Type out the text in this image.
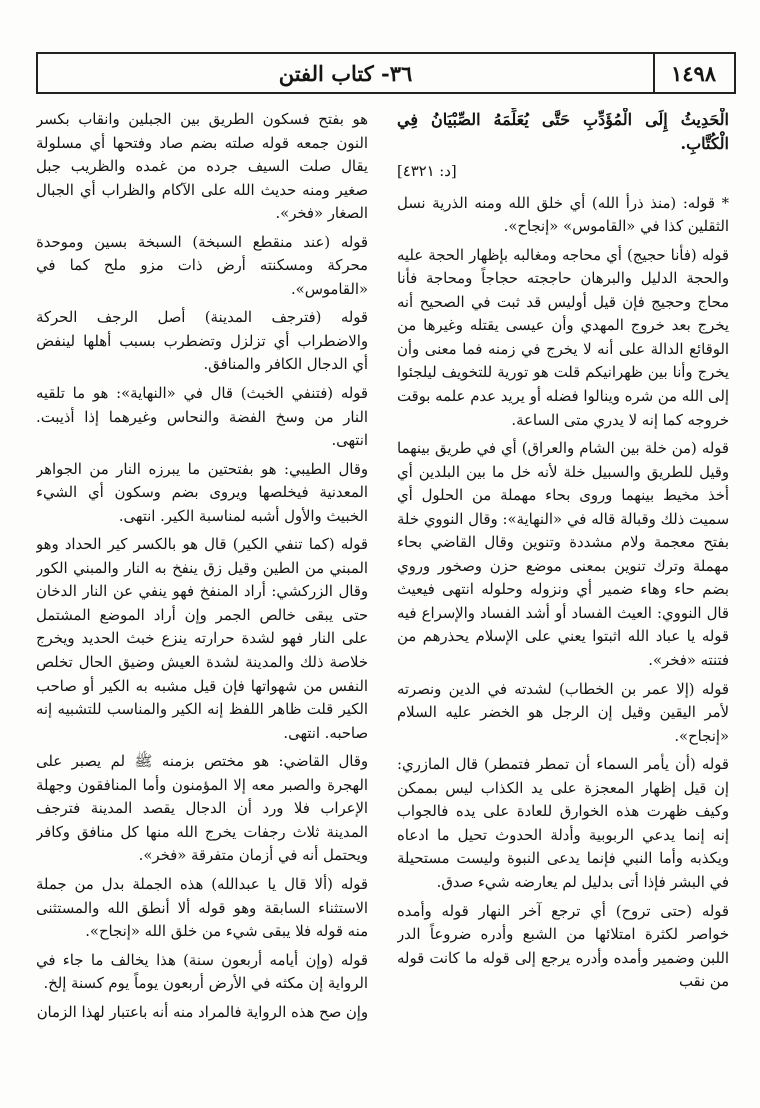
١٤٩٨
٣٦- كتاب الفتن

الْحَدِيثُ إِلَى الْمُؤَدِّبِ حَتَّى يُعَلِّمَهُ الصِّبْيَانُ فِي الْكُتَّابِ.

[د: ٤٣٢١]

* قوله: (منذ ذرأ الله) أي خلق الله ومنه الذرية نسل الثقلين كذا في «القاموس» «إنجاح».

قوله (فأنا حجيج) أي محاجه ومغالبه بإظهار الحجة عليه والحجة الدليل والبرهان حاججته حجاجاً ومحاجة فأنا محاج وحجيج فإن قيل أوليس قد ثبت في الصحيح أنه يخرج بعد خروج المهدي وأن عيسى يقتله وغيرها من الوقائع الدالة على أنه لا يخرج في زمنه فما معنى وأن يخرج وأنا بين ظهرانيكم قلت هو تورية للتخويف ليلجئوا إلى الله من شره وينالوا فضله أو يريد عدم علمه بوقت خروجه كما إنه لا يدري متى الساعة.

قوله (من خلة بين الشام والعراق) أي في طريق بينهما وقيل للطريق والسبيل خلة لأنه خل ما بين البلدين أي أخذ مخيط بينهما وروى بحاء مهملة من الحلول أي سميت ذلك وقبالة قاله في «النهاية»: وقال النووي خلة بفتح معجمة ولام مشددة وتنوين وقال القاضي بحاء مهملة وترك تنوين بمعنى موضع حزن وصخور وروي بضم حاء وهاء ضمير أي ونزوله وحلوله انتهى فيعيث قال النووي: العيث الفساد أو أشد الفساد والإسراع فيه قوله يا عباد الله اثبتوا يعني على الإسلام يحذرهم من فتنته «فخر».

قوله (إلا عمر بن الخطاب) لشدته في الدين ونصرته لأمر اليقين وقيل إن الرجل هو الخضر عليه السلام «إنجاح».

قوله (أن يأمر السماء أن تمطر فتمطر) قال المازري: إن قيل إظهار المعجزة على يد الكذاب ليس بممكن وكيف ظهرت هذه الخوارق للعادة على يده فالجواب إنه إنما يدعي الربوبية وأدلة الحدوث تحيل ما ادعاه ويكذبه وأما النبي فإنما يدعى النبوة وليست مستحيلة في البشر فإذا أتى بدليل لم يعارضه شيء صدق.

قوله (حتى تروح) أي ترجع آخر النهار قوله وأمده خواصر لكثرة امتلائها من الشبع وأدره ضروعاً الدر اللبن وضمير وأمده وأدره يرجع إلى قوله ما كانت قوله من نقب

هو بفتح فسكون الطريق بين الجبلين وانقاب بكسر النون جمعه قوله صلته بضم صاد وفتحها أي مسلولة يقال صلت السيف جرده من غمده والظريب جبل صغير ومنه حديث الله على الآكام والظراب أي الجبال الصغار «فخر».

قوله (عند منقطع السبخة) السبخة بسين وموحدة محركة ومسكنته أرض ذات مزو ملح كما في «القاموس».

قوله (فترجف المدينة) أصل الرجف الحركة والاضطراب أي تزلزل وتضطرب بسبب أهلها لينفض أي الدجال الكافر والمنافق.

قوله (فتنفي الخبث) قال في «النهاية»: هو ما تلقيه النار من وسخ الفضة والنحاس وغيرهما إذا أذيبت. انتهى.

وقال الطيبي: هو بفتحتين ما يبرزه النار من الجواهر المعدنية فيخلصها ويروى بضم وسكون أي الشيء الخبيث والأول أشبه لمناسبة الكير. انتهى.

قوله (كما تنفي الكير) قال هو بالكسر كير الحداد وهو المبني من الطين وقيل زق ينفخ به النار والمبني الكور وقال الزركشي: أراد المنفخ فهو ينفي عن النار الدخان حتى يبقى خالص الجمر وإن أراد الموضع المشتمل على النار فهو لشدة حرارته ينزع خبث الحديد ويخرج خلاصة ذلك والمدينة لشدة العيش وضيق الحال تخلص النفس من شهواتها فإن قيل مشبه به الكير أو صاحب الكير قلت ظاهر اللفظ إنه الكير والمناسب للتشبيه إنه صاحبه. انتهى.

وقال القاضي: هو مختص بزمنه ﷺ لم يصبر على الهجرة والصبر معه إلا المؤمنون وأما المنافقون وجهلة الإعراب فلا ورد أن الدجال يقصد المدينة فترجف المدينة ثلاث رجفات يخرج الله منها كل منافق وكافر ويحتمل أنه في أزمان متفرقة «فخر».

قوله (ألا قال يا عبدالله) هذه الجملة بدل من جملة الاستثناء السابقة وهو قوله ألا أنطق الله والمستثنى منه قوله فلا يبقى شيء من خلق الله «إنجاح».

قوله (وإن أيامه أربعون سنة) هذا يخالف ما جاء في الرواية إن مكثه في الأرض أربعون يوماً يوم كسنة إلخ.

وإن صح هذه الرواية فالمراد منه أنه باعتبار لهذا الزمان
